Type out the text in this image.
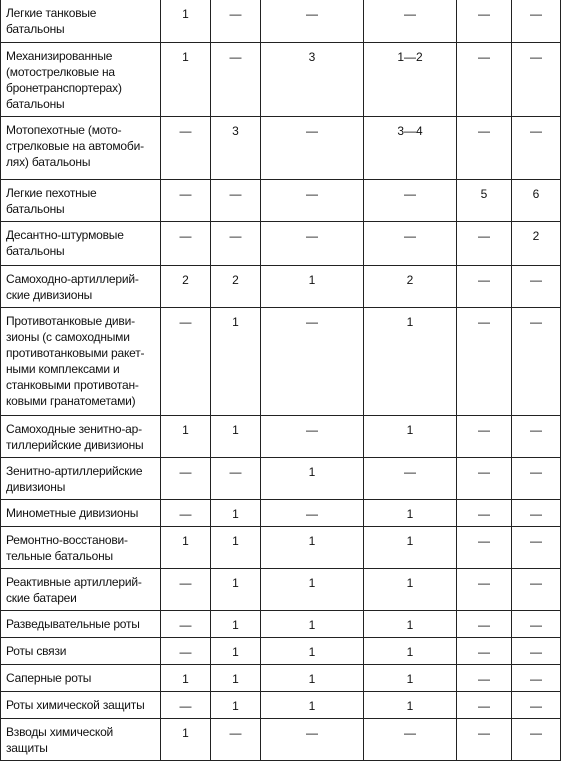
Легкие танковые батальоны	1	—	—	—	—	—
Механизированные (мотострелковые на бронетранспортерах) батальоны	1	—	3	1—2	—	—
Мотопехотные (мото-стрелковые на автомоби-лях) батальоны	—	3	—	3—4	—	—
Легкие пехотные батальоны	—	—	—	—	5	6
Десантно-штурмовые батальоны	—	—	—	—	—	2
Самоходно-артиллерий-ские дивизионы	2	2	1	2	—	—
Противотанковые диви-зионы (с самоходными противотанковыми ракет-ными комплексами и станковыми противотан-ковыми гранатометами)	—	1	—	1	—	—
Самоходные зенитно-ар-тиллерийские дивизионы	1	1	—	1	—	—
Зенитно-артиллерийские дивизионы	—	—	1	—	—	—
Минометные дивизионы	—	1	—	1	—	—
Ремонтно-восстанови-тельные батальоны	1	1	1	1	—	—
Реактивные артиллерий-ские батареи	—	1	1	1	—	—
Разведывательные роты	—	1	1	1	—	—
Роты связи	—	1	1	1	—	—
Саперные роты	1	1	1	1	—	—
Роты химической защиты	—	1	1	1	—	—
Взводы химической защиты	1	—	—	—	—	—
